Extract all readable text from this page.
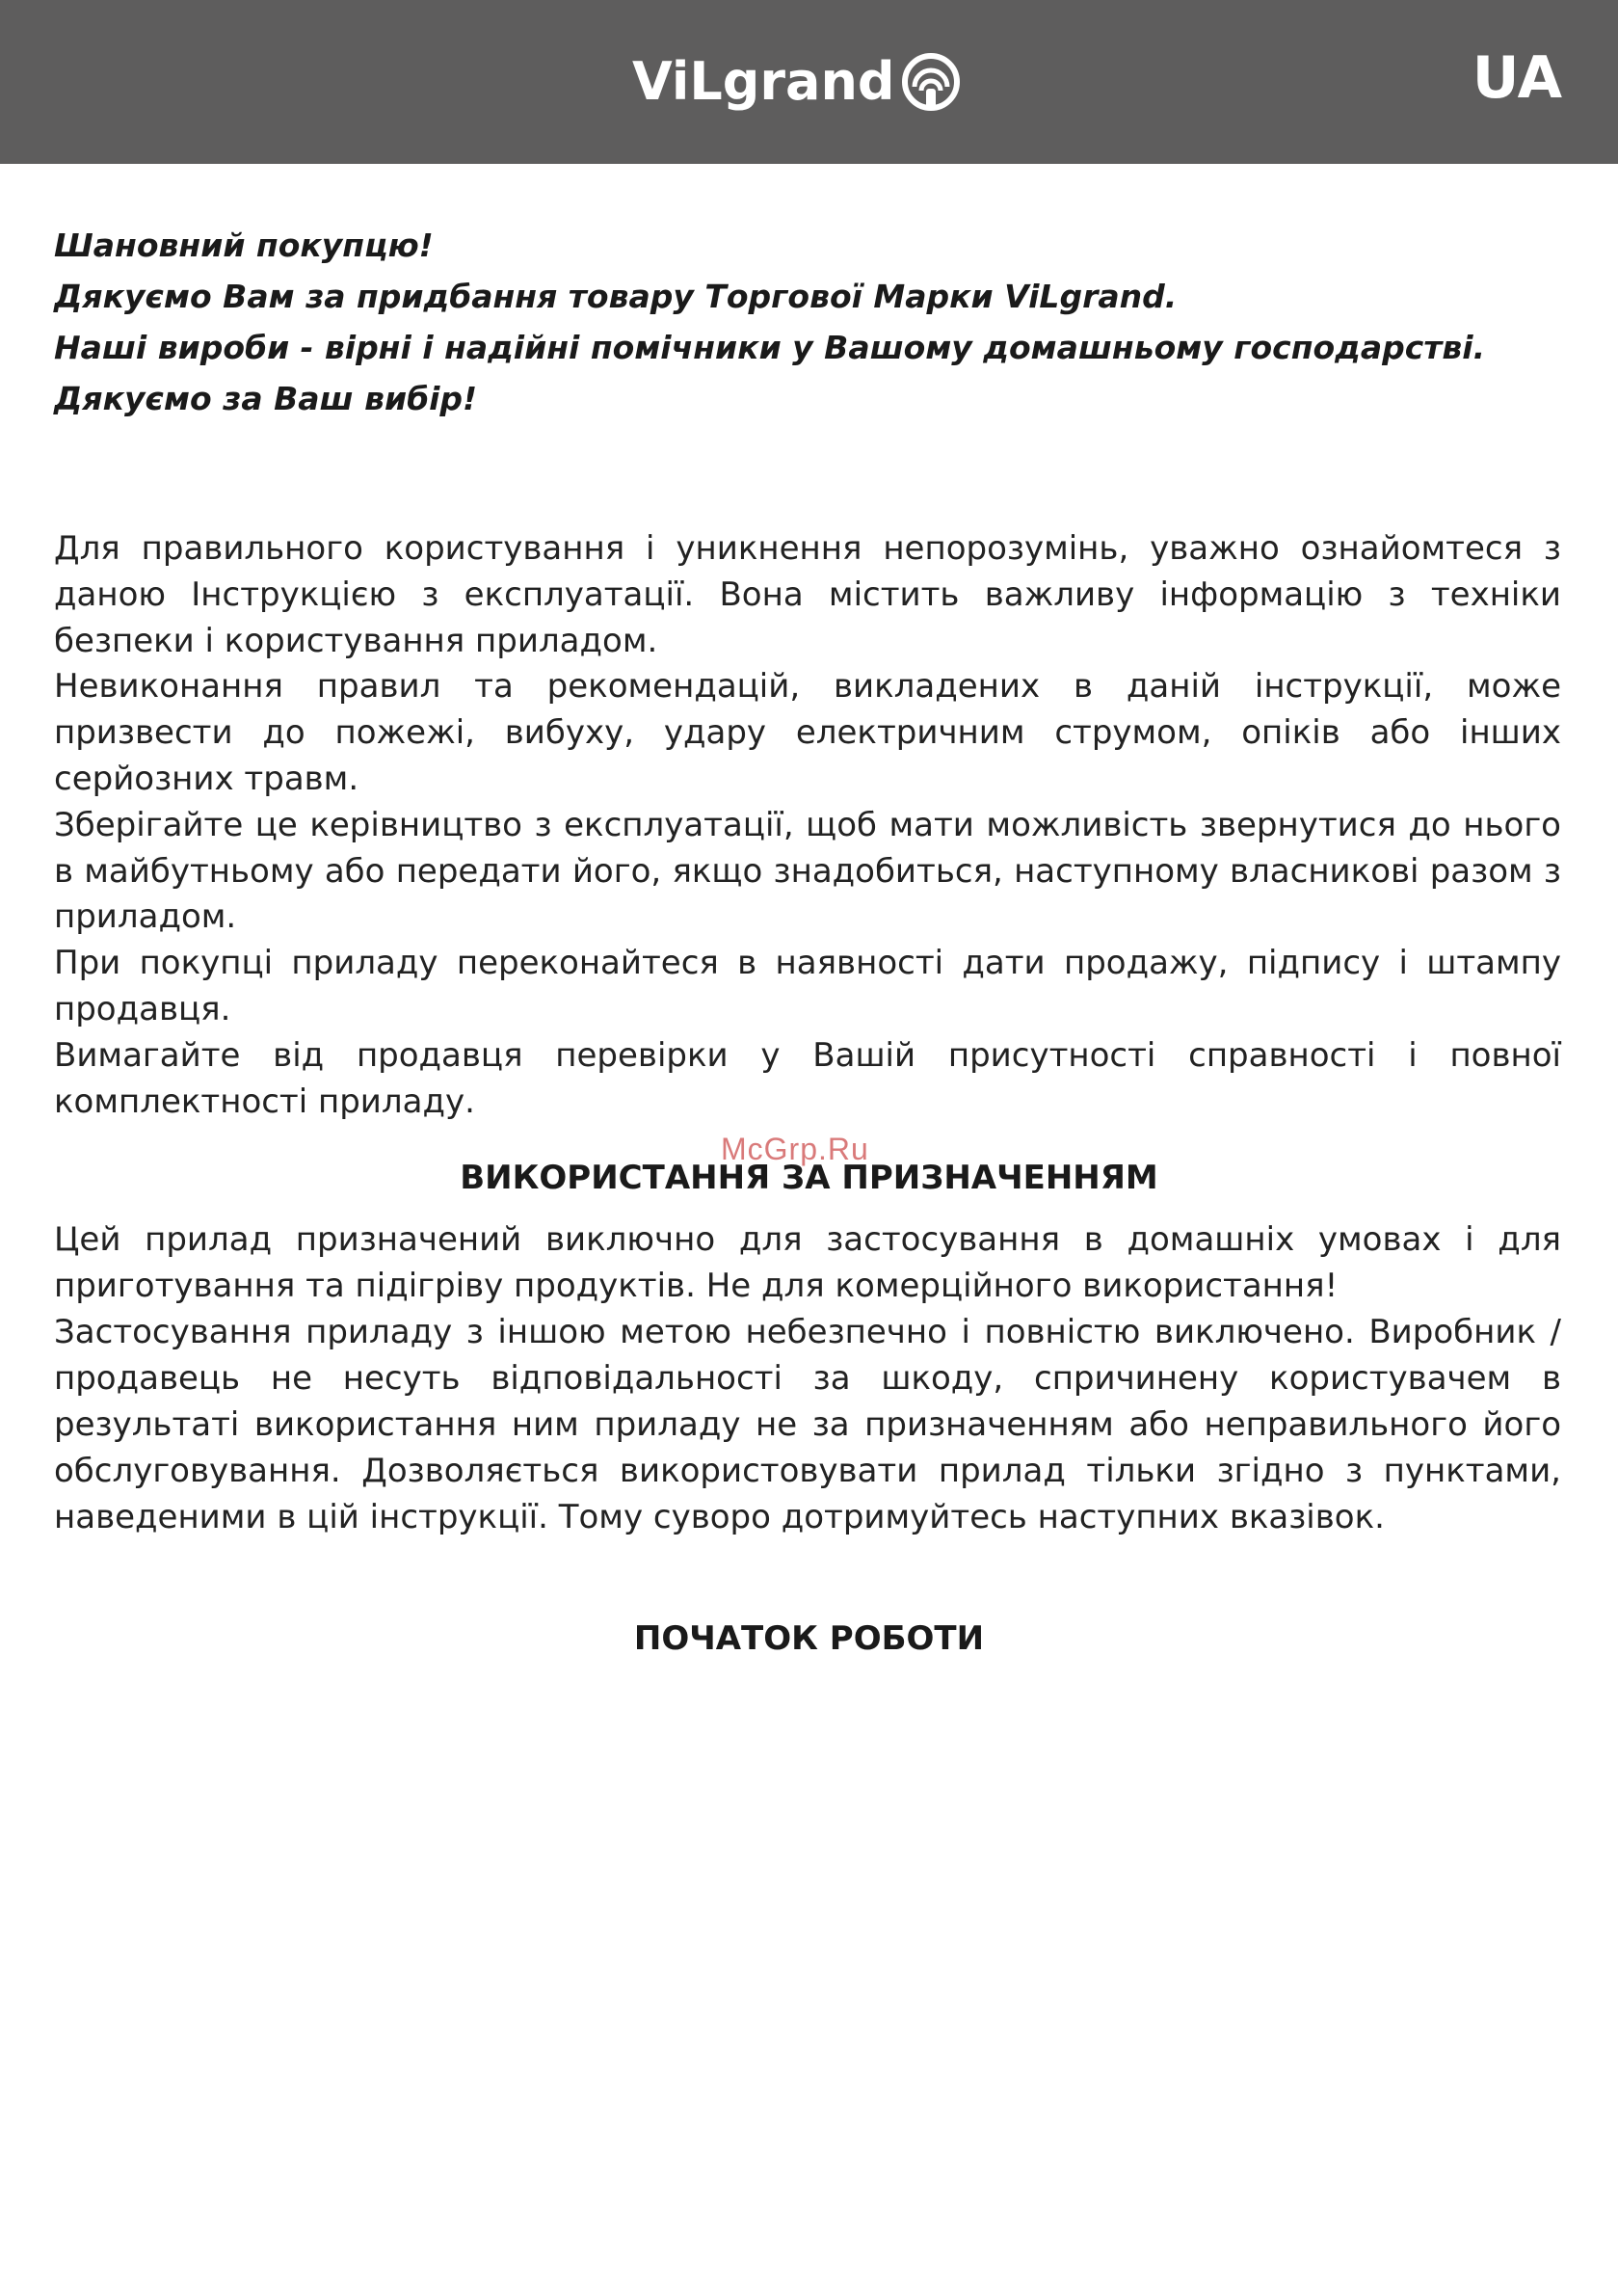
ViLgrand	UA
Шановний покупцю!
Дякуємо Вам за придбання товару Торгової Марки ViLgrand.
Наші вироби - вірні і надійні помічники у Вашому домашньому господарстві.
Дякуємо за Ваш вибір!

Для правильного користування і уникнення непорозумінь, уважно ознайомтеся з даною Інструкцією з експлуатації. Вона містить важливу інформацію з техніки безпеки і користування приладом.

Невиконання правил та рекомендацій, викладених в даній інструкції, може призвести до пожежі, вибуху, удару електричним струмом, опіків або інших серйозних травм.

Зберігайте це керівництво з експлуатації, щоб мати можливість звернутися до нього в майбутньому або передати його, якщо знадобиться, наступному власникові разом з приладом.

При покупці приладу переконайтеся в наявності дати продажу, підпису і штампу продавця.

Вимагайте від продавця перевірки у Вашій присутності справності і повної комплектності приладу.

McGrp.Ru
ВИКОРИСТАННЯ ЗА ПРИЗНАЧЕННЯМ

Цей прилад призначений виключно для застосування в домашніх умовах і для приготування та підігріву продуктів. Не для комерційного використання!

Застосування приладу з іншою метою небезпечно і повністю виключено. Виробник / продавець не несуть відповідальності за шкоду, спричинену користувачем в результаті використання ним приладу не за призначенням або неправильного його обслуговування. Дозволяється використовувати прилад тільки згідно з пунктами, наведеними в цій інструкції. Тому суворо дотримуйтесь наступних вказівок.

ПОЧАТОК РОБОТИ
